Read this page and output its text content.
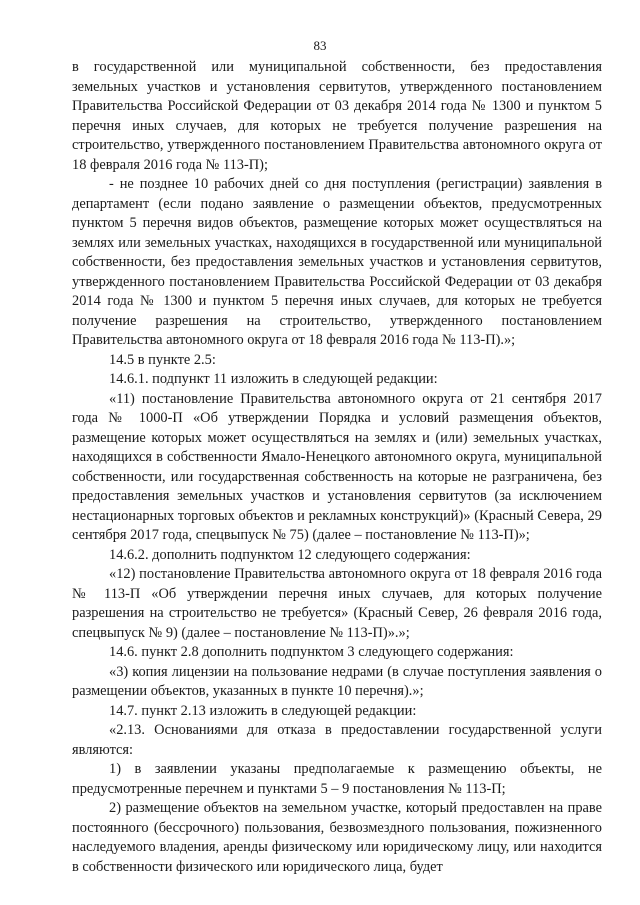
83

в государственной или муниципальной собственности, без предоставления земельных участков и установления сервитутов, утвержденного постановлением Правительства Российской Федерации от 03 декабря 2014 года № 1300 и пунктом 5 перечня иных случаев, для которых не требуется получение разрешения на строительство, утвержденного постановлением Правительства автономного округа от 18 февраля 2016 года № 113-П);

- не позднее 10 рабочих дней со дня поступления (регистрации) заявления в департамент (если подано заявление о размещении объектов, предусмотренных пунктом 5 перечня видов объектов, размещение которых может осуществляться на землях или земельных участках, находящихся в государственной или муниципальной собственности, без предоставления земельных участков и установления сервитутов, утвержденного постановлением Правительства Российской Федерации от 03 декабря 2014 года № 1300 и пунктом 5 перечня иных случаев, для которых не требуется получение разрешения на строительство, утвержденного постановлением Правительства автономного округа от 18 февраля 2016 года № 113-П).»;

14.5 в пункте 2.5:

14.6.1. подпункт 11 изложить в следующей редакции:

«11) постановление Правительства автономного округа от 21 сентября 2017 года № 1000-П «Об утверждении Порядка и условий размещения объектов, размещение которых может осуществляться на землях и (или) земельных участках, находящихся в собственности Ямало-Ненецкого автономного округа, муниципальной собственности, или государственная собственность на которые не разграничена, без предоставления земельных участков и установления сервитутов (за исключением нестационарных торговых объектов и рекламных конструкций)» (Красный Севера, 29 сентября 2017 года, спецвыпуск № 75) (далее – постановление № 113-П)»;

14.6.2. дополнить подпунктом 12 следующего содержания:

«12) постановление Правительства автономного округа от 18 февраля 2016 года № 113-П «Об утверждении перечня иных случаев, для которых получение разрешения на строительство не требуется» (Красный Север, 26 февраля 2016 года, спецвыпуск № 9) (далее – постановление № 113-П)».»;

14.6. пункт 2.8 дополнить подпунктом 3 следующего содержания:

«3) копия лицензии на пользование недрами (в случае поступления заявления о размещении объектов, указанных в пункте 10 перечня).»;

14.7. пункт 2.13 изложить в следующей редакции:

«2.13. Основаниями для отказа в предоставлении государственной услуги являются:

1) в заявлении указаны предполагаемые к размещению объекты, не предусмотренные перечнем и пунктами 5 – 9 постановления № 113-П;

2) размещение объектов на земельном участке, который предоставлен на праве постоянного (бессрочного) пользования, безвозмездного пользования, пожизненного наследуемого владения, аренды физическому или юридическому лицу, или находится в собственности физического или юридического лица, будет
